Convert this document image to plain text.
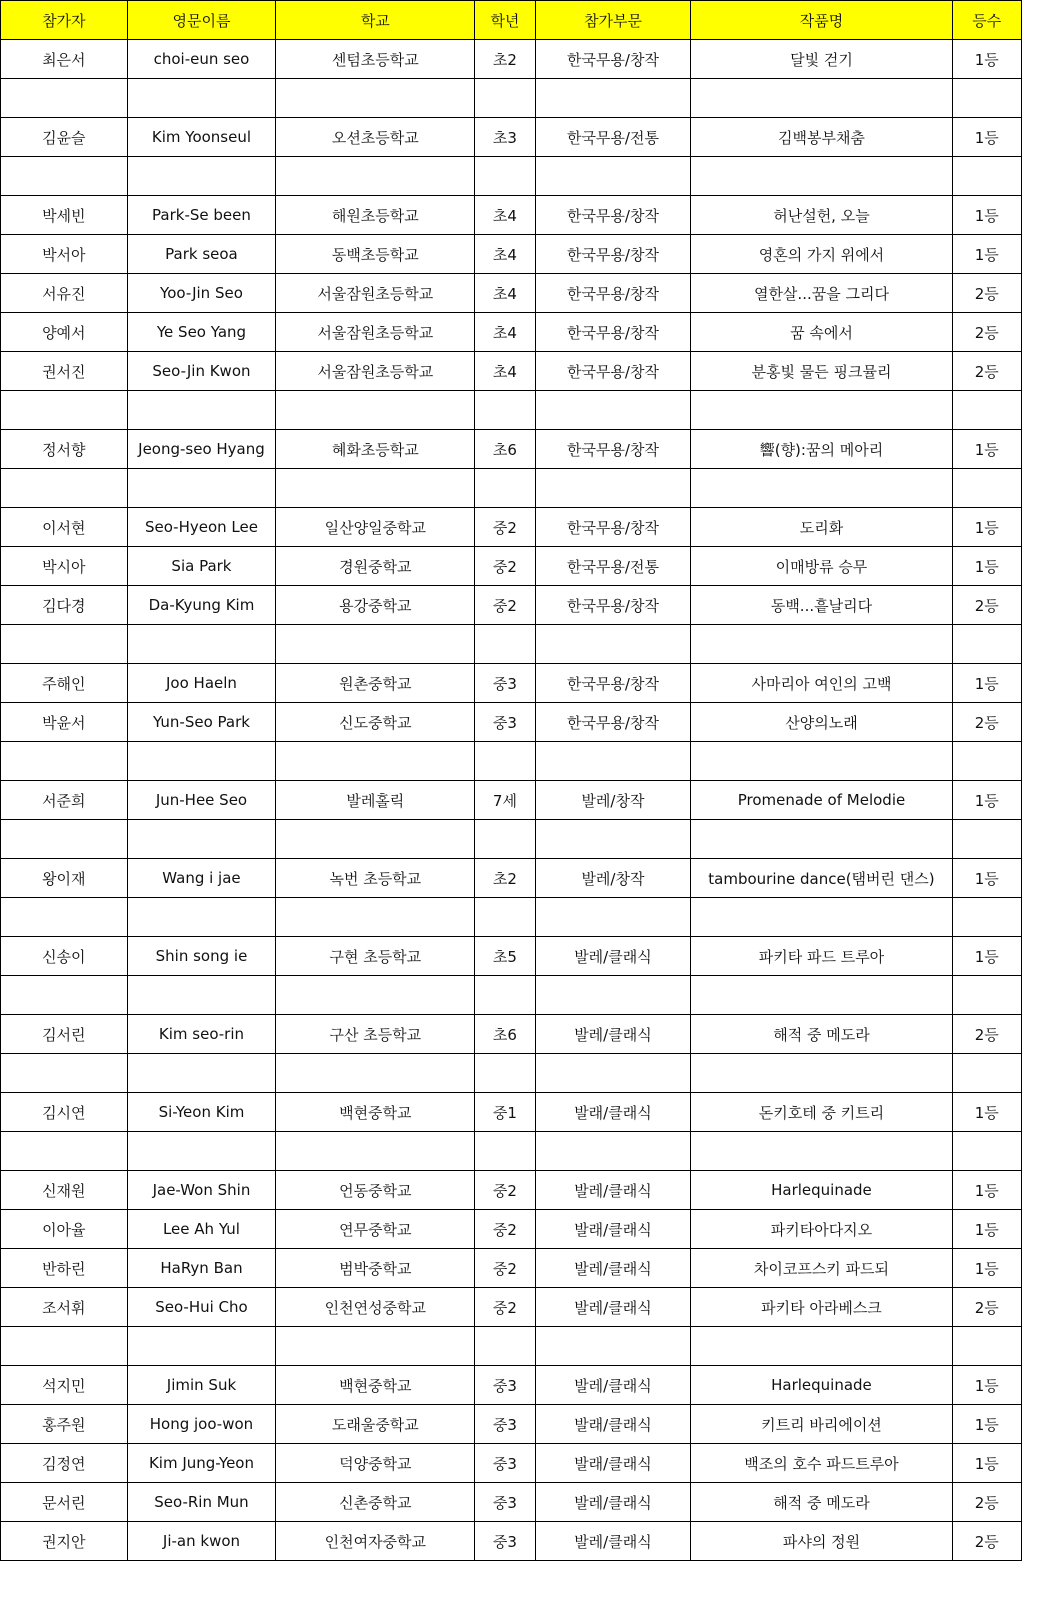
참가자	영문이름	학교	학년	참가부문	작품명	등수
최은서	choi-eun seo	센텀초등학교	초2	한국무용/창작	달빛 걷기	1등

김윤슬	Kim Yoonseul	오션초등학교	초3	한국무용/전통	김백봉부채춤	1등

박세빈	Park-Se been	해원초등학교	초4	한국무용/창작	허난설헌, 오늘	1등
박서아	Park seoa	동백초등학교	초4	한국무용/창작	영혼의 가지 위에서	1등
서유진	Yoo-Jin Seo	서울잠원초등학교	초4	한국무용/창작	열한살...꿈을 그리다	2등
양예서	Ye Seo Yang	서울잠원초등학교	초4	한국무용/창작	꿈 속에서	2등
권서진	Seo-Jin Kwon	서울잠원초등학교	초4	한국무용/창작	분홍빛 물든 핑크뮬리	2등

정서향	Jeong-seo Hyang	혜화초등학교	초6	한국무용/창작	響(향):꿈의 메아리	1등

이서현	Seo-Hyeon Lee	일산양일중학교	중2	한국무용/창작	도리화	1등
박시아	Sia Park	경원중학교	중2	한국무용/전통	이매방류 승무	1등
김다경	Da-Kyung Kim	용강중학교	중2	한국무용/창작	동백...흩날리다	2등

주해인	Joo Haeln	원촌중학교	중3	한국무용/창작	사마리아 여인의 고백	1등
박윤서	Yun-Seo Park	신도중학교	중3	한국무용/창작	산양의노래	2등

서준희	Jun-Hee Seo	발레홀릭	7세	발레/창작	Promenade of Melodie	1등

왕이재	Wang i jae	녹번 초등학교	초2	발레/창작	tambourine dance(탬버린 댄스)	1등

신송이	Shin song ie	구현 초등학교	초5	발레/클래식	파키타 파드 트루아	1등

김서린	Kim seo-rin	구산 초등학교	초6	발레/클래식	해적 중 메도라	2등

김시연	Si-Yeon Kim	백현중학교	중1	발래/클래식	돈키호테 중 키트리	1등

신재원	Jae-Won Shin	언동중학교	중2	발레/클래식	Harlequinade	1등
이아율	Lee Ah Yul	연무중학교	중2	발래/클래식	파키타아다지오	1등
반하린	HaRyn Ban	범박중학교	중2	발레/클래식	차이코프스키 파드되	1등
조서휘	Seo-Hui Cho	인천연성중학교	중2	발레/클래식	파키타 아라베스크	2등

석지민	Jimin Suk	백현중학교	중3	발레/클래식	Harlequinade	1등
홍주원	Hong joo-won	도래울중학교	중3	발래/클래식	키트리 바리에이션	1등
김정연	Kim Jung-Yeon	덕양중학교	중3	발래/클래식	백조의 호수 파드트루아	1등
문서린	Seo-Rin Mun	신촌중학교	중3	발레/클래식	해적 중 메도라	2등
권지안	Ji-an kwon	인천여자중학교	중3	발레/클래식	파샤의 정원	2등
